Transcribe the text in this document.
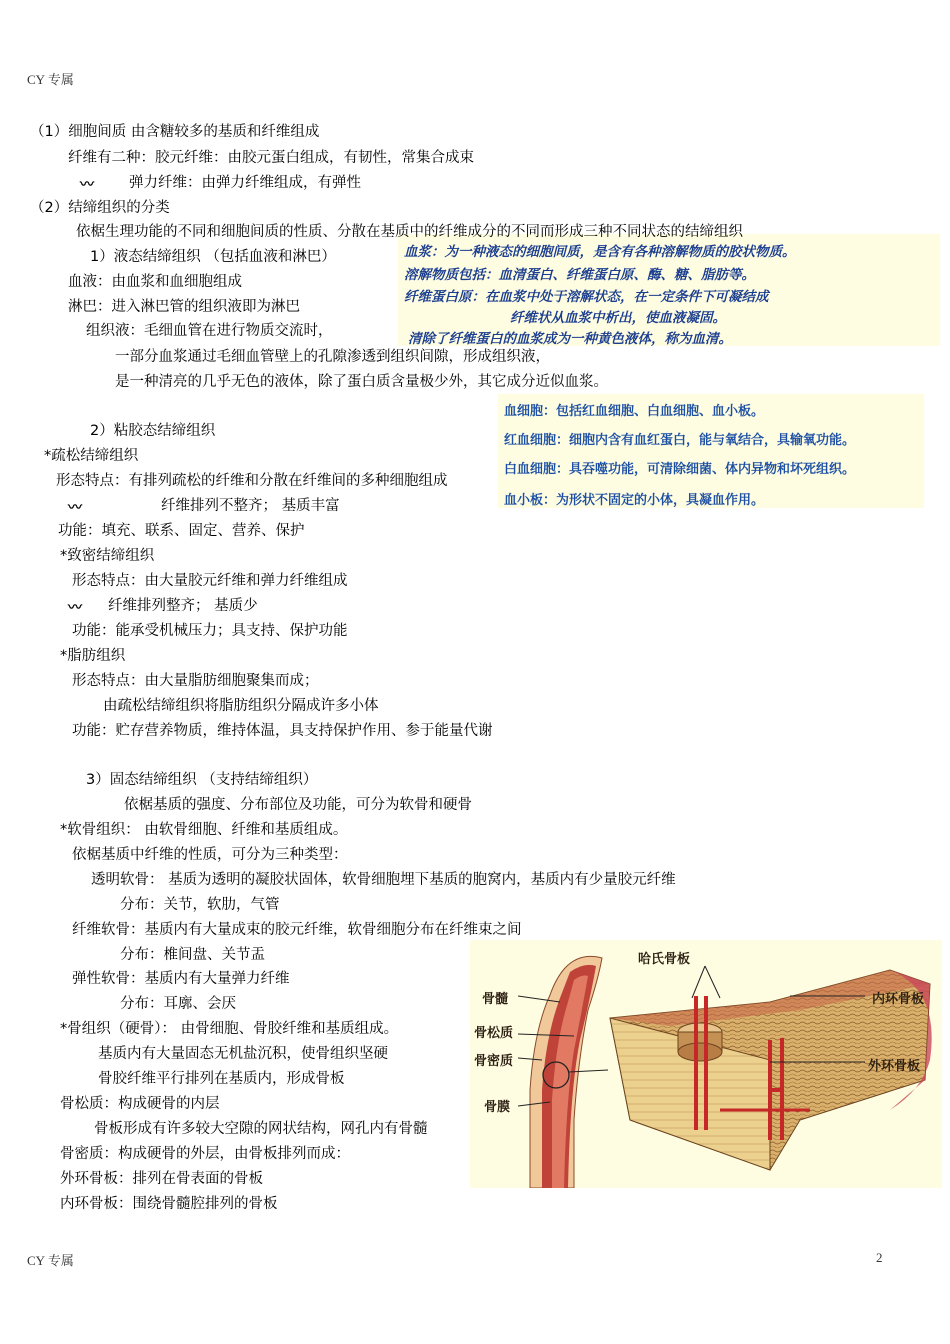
CY 专属
CY 专属	2
血浆：为一种液态的细胞间质，是含有各种溶解物质的胶状物质。
溶解物质包括：血清蛋白、纤维蛋白原、酶、糖、脂肪等。
纤维蛋白原：在血浆中处于溶解状态，在一定条件下可凝结成
纤维状从血浆中析出，使血液凝固。
清除了纤维蛋白的血浆成为一种黄色液体，称为血清。
血细胞：包括红血细胞、白血细胞、血小板。
红血细胞：细胞内含有血红蛋白，能与氧结合，具输氧功能。
白血细胞：具吞噬功能，可清除细菌、体内异物和坏死组织。
血小板：为形状不固定的小体，具凝血作用。
（1）细胞间质 由含糖较多的基质和纤维组成
纤维有二种：胶元纤维：由胶元蛋白组成，有韧性，常集合成束
〰	弹力纤维：由弹力纤维组成，有弹性
（2）结缔组织的分类
依椐生理功能的不同和细胞间质的性质、分散在基质中的纤维成分的不同而形成三种不同状态的结缔组织
1）液态结缔组织 （包括血液和淋巴）
血液：由血浆和血细胞组成
淋巴：进入淋巴管的组织液即为淋巴
组织液：毛细血管在进行物质交流时，
一部分血浆通过毛细血管壁上的孔隙渗透到组织间隙，形成组织液，
是一种清亮的几乎无色的液体，除了蛋白质含量极少外，其它成分近似血浆。
2）粘胶态结缔组织
*疏松结缔组织
形态特点：有排列疏松的纤维和分散在纤维间的多种细胞组成
〰	纤维排列不整齐； 基质丰富
功能：填充、联系、固定、营养、保护
*致密结缔组织
形态特点：由大量胶元纤维和弹力纤维组成
〰 纤维排列整齐； 基质少
功能：能承受机械压力；具支持、保护功能
*脂肪组织
形态特点：由大量脂肪细胞聚集而成；
由疏松结缔组织将脂肪组织分隔成许多小体
功能：贮存营养物质，维持体温，具支持保护作用、参于能量代谢
3）固态结缔组织 （支持结缔组织）
依椐基质的强度、分布部位及功能，可分为软骨和硬骨
*软骨组织： 由软骨细胞、纤维和基质组成。
依椐基质中纤维的性质，可分为三种类型：
透明软骨： 基质为透明的凝胶状固体，软骨细胞埋下基质的胞窝内，基质内有少量胶元纤维
分布：关节，软肋，气管
纤维软骨：基质内有大量成束的胶元纤维，软骨细胞分布在纤维束之间
分布：椎间盘、关节盂
弹性软骨：基质内有大量弹力纤维
分布：耳廓、会厌
*骨组织（硬骨）： 由骨细胞、骨胶纤维和基质组成。
基质内有大量固态无机盐沉积，使骨组织坚硬
骨胶纤维平行排列在基质内，形成骨板
骨松质：构成硬骨的内层
骨板形成有许多较大空隙的网状结构，网孔内有骨髓
骨密质：构成硬骨的外层，由骨板排列而成：
外环骨板：排列在骨表面的骨板
内环骨板：围绕骨髓腔排列的骨板
哈氏骨板
骨髓
骨松质
骨密质
骨膜
内环骨板
外环骨板
